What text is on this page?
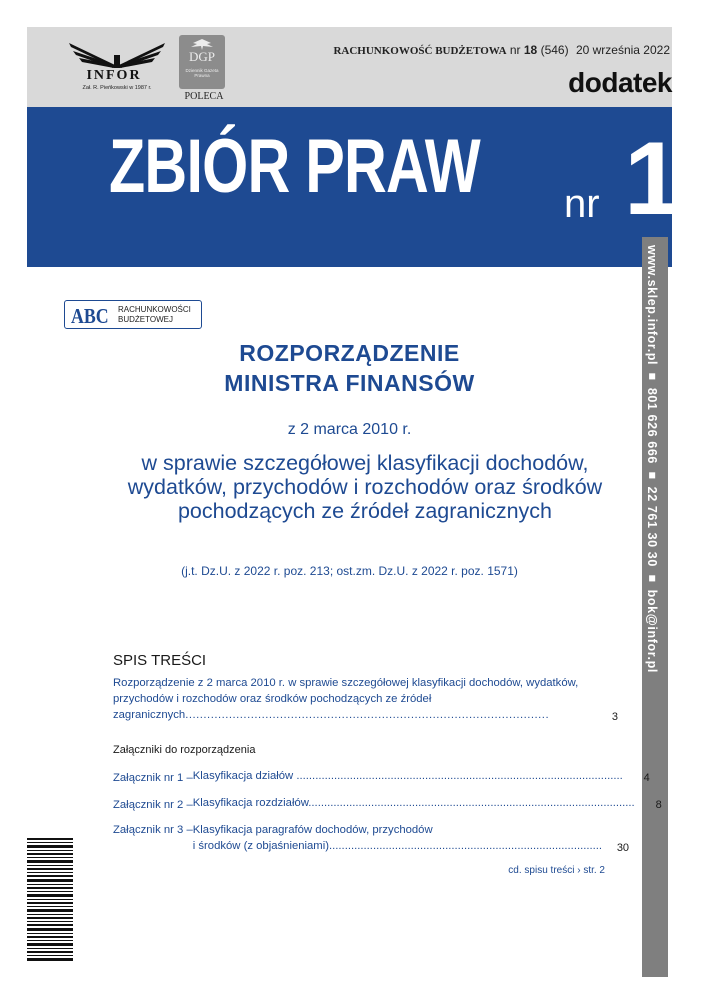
INFOR
Zał. R. Pieńkowski w 1987 r.
DGP
Dziennik Gazeta Prawna
POLECA
RACHUNKOWOŚĆ BUDŻETOWA nr 18 (546) 20 września 2022
dodatek
ZBIÓR PRAW nr 1
www.sklep.infor.pl ■ 801 626 666 ■ 22 761 30 30 ■ bok@infor.pl
ABC RACHUNKOWOŚCI
BUDŻETOWEJ
ROZPORZĄDZENIE
MINISTRA FINANSÓW
z 2 marca 2010 r.
w sprawie szczegółowej klasyfikacji dochodów, wydatków, przychodów i rozchodów oraz środków pochodzących ze źródeł zagranicznych
(j.t. Dz.U. z 2022 r. poz. 213; ost.zm. Dz.U. z 2022 r. poz. 1571)
SPIS TREŚCI
Rozporządzenie z 2 marca 2010 r. w sprawie szczegółowej klasyfikacji dochodów, wydatków, przychodów i rozchodów oraz środków pochodzących ze źródeł zagranicznych....................................................................................................	3
Załączniki do rozporządzenia
Załącznik nr 1 – Klasyfikacja działów ........................................................................................................	4
Załącznik nr 2 – Klasyfikacja rozdziałów........................................................................................................	8
Załącznik nr 3 – Klasyfikacja paragrafów dochodów, przychodów
i środków (z objaśnieniami).......................................................................................	30
cd. spisu treści › str. 2
